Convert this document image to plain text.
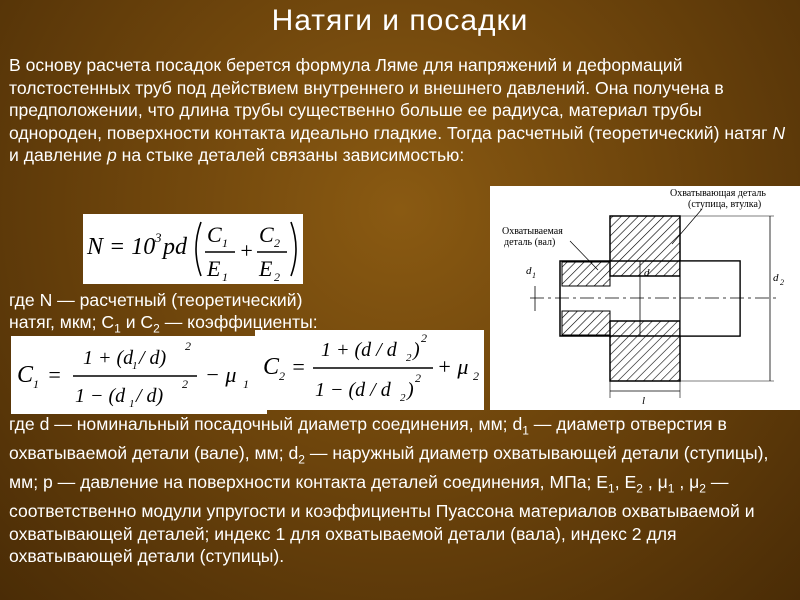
Натяги и посадки
В основу расчета посадок берется формула Ляме для напряжений и деформаций толстостенных труб под действием внутреннего и внешнего давлений. Она получена в предположении, что длина трубы существенно больше ее радиуса, материал трубы однороден, поверхности контакта идеально гладкие. Тогда расчетный (теоретический) натяг N и давление p на стыке деталей связаны зависимостью:
N = 10 3 pd C 1
E 1
+
C 2
E 2
где N — расчетный (теоретический)
натяг, мкм; $С_1$ и $С_2$ — коэффициенты:
C 1 =
1 + (d
1 / d)
2
1 − (d 1 / d)
2 − μ 1
C 2 =
1 + (d / d 2 )
2
1 − (d / d 2 )
2 + μ 2
d 1	d	d 2
l
Охватывающая деталь
(ступица, втулка)
Охватываемая
деталь (вал)
где d — номинальный посадочный диаметр соединения, мм; $d_1$ — диаметр отверстия в охватываемой детали (вале), мм; $d_2$ — наружный диаметр охватывающей детали (ступицы), мм; р — давление на поверхности контакта деталей соединения, МПа; $Е_1$, $Е_2$ , $\mu_1$ , $\mu_2$ — соответственно модули упругости и коэффициенты Пуассона материалов охватываемой и охватывающей деталей; индекс 1 для охватываемой детали (вала), индекс 2 для охватывающей детали (ступицы).
